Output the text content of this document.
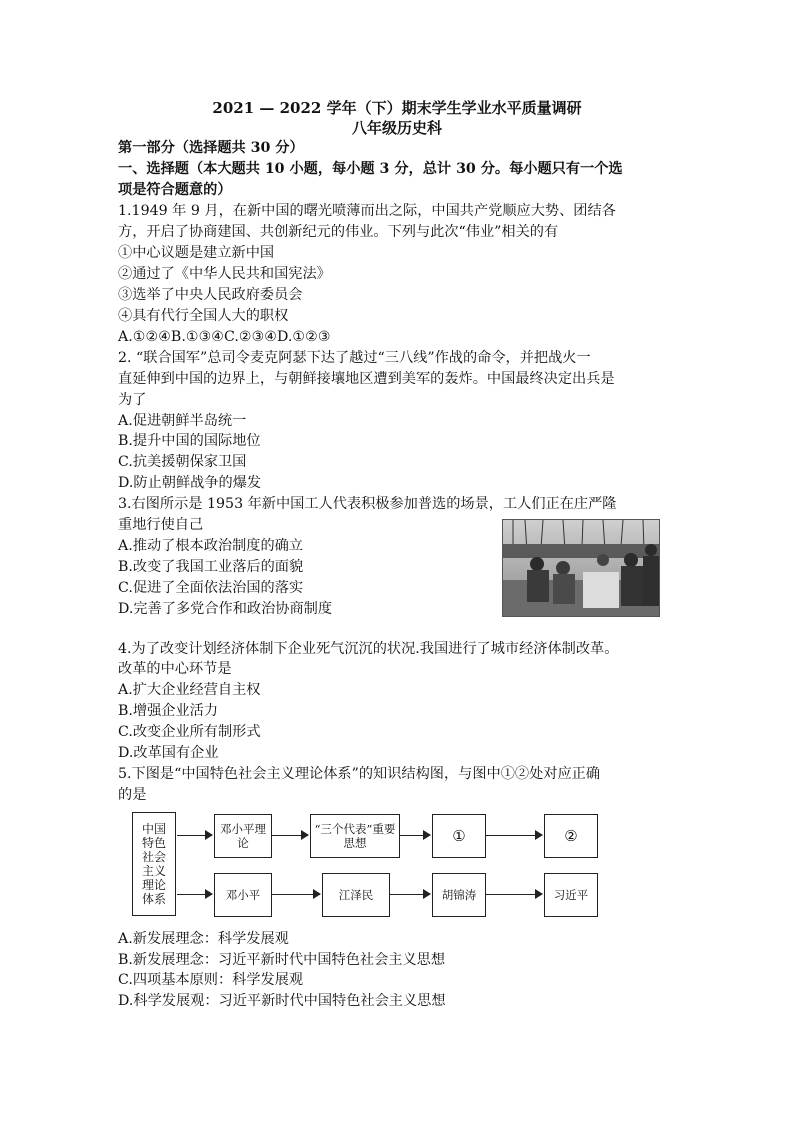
2021 — 2022 学年（下）期末学生学业水平质量调研
八年级历史科
第一部分（选择题共 30 分）
一、选择题（本大题共 10 小题，每小题 3 分，总计 30 分。每小题只有一个选
项是符合题意的）
1.1949 年 9 月，在新中国的曙光喷薄而出之际，中国共产党顺应大势、团结各
方，开启了协商建国、共创新纪元的伟业。下列与此次“伟业”相关的有
①中心议题是建立新中国
②通过了《中华人民共和国宪法》
③选举了中央人民政府委员会
④具有代行全国人大的职权
A.①②④B.①③④C.②③④D.①②③
2. “联合国军”总司令麦克阿瑟下达了越过“三八线”作战的命令，并把战火一
直延伸到中国的边界上，与朝鲜接壤地区遭到美军的轰炸。中国最终决定出兵是
为了
A.促进朝鲜半岛统一
B.提升中国的国际地位
C.抗美援朝保家卫国
D.防止朝鲜战争的爆发
3.右图所示是 1953 年新中国工人代表积极参加普选的场景，工人们正在庄严隆
重地行使自己
A.推动了根本政治制度的确立
B.改变了我国工业落后的面貌
C.促进了全面依法治国的落实
D.完善了多党合作和政治协商制度
4.为了改变计划经济体制下企业死气沉沉的状况.我国进行了城市经济体制改革。
改革的中心环节是
A.扩大企业经营自主权
B.增强企业活力
C.改变企业所有制形式
D.改革国有企业
5.下图是“中国特色社会主义理论体系”的知识结构图，与图中①②处对应正确
的是
中国特色社会主义理论体系
邓小平理论
“三个代表”重要思想	①	②
邓小平	江泽民	胡锦涛	习近平
A.新发展理念：科学发展观
B.新发展理念：习近平新时代中国特色社会主义思想
C.四项基本原则：科学发展观
D.科学发展观：习近平新时代中国特色社会主义思想
